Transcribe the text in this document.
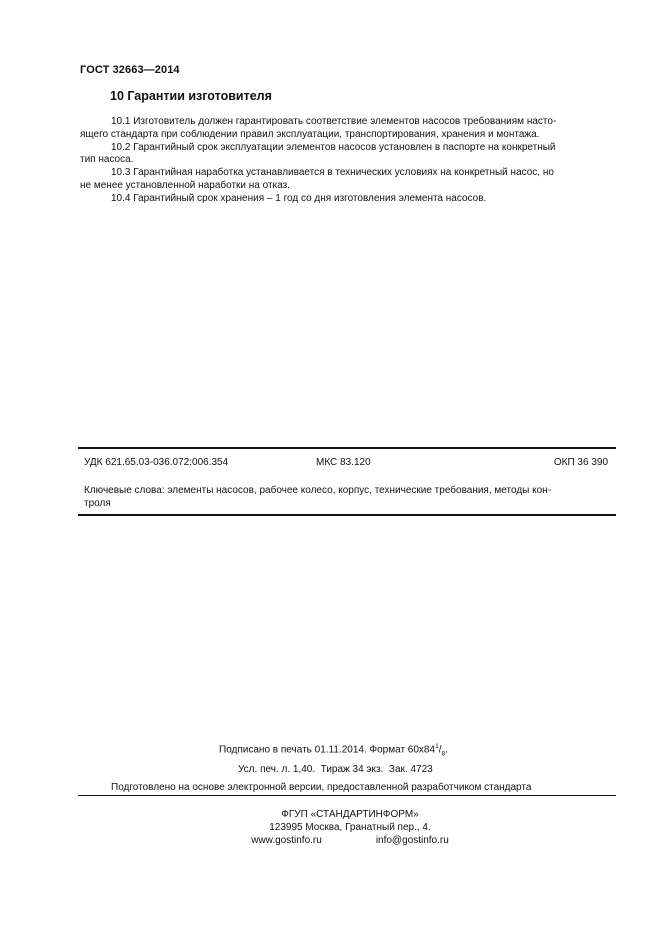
ГОСТ 32663—2014
10 Гарантии изготовителя

10.1 Изготовитель должен гарантировать соответствие элементов насосов требованиям насто-
ящего стандарта при соблюдении правил эксплуатации, транспортирования, хранения и монтажа.

10.2 Гарантийный срок эксплуатации элементов насосов установлен в паспорте на конкретный
тип насоса.

10.3 Гарантийная наработка устанавливается в технических условиях на конкретный насос, но
не менее установленной наработки на отказ.

10.4 Гарантийный срок хранения – 1 год со дня изготовления элемента насосов.

УДК 621.65.03-036.072:006.354	МКС 83.120	ОКП 36 390
Ключевые слова: элементы насосов, рабочее колесо, корпус, технические требования, методы кон-
троля
Подписано в печать 01.11.2014. Формат $60х84^1/_8$.
Усл. печ. л. 1,40.  Тираж 34 экз.  Зак. 4723
Подготовлено на основе электронной версии, предоставленной разработчиком стандарта
ФГУП «СТАНДАРТИНФОРМ»
123995 Москва, Гранатный пер., 4.
www.gostinfo.ru	info@gostinfo.ru
